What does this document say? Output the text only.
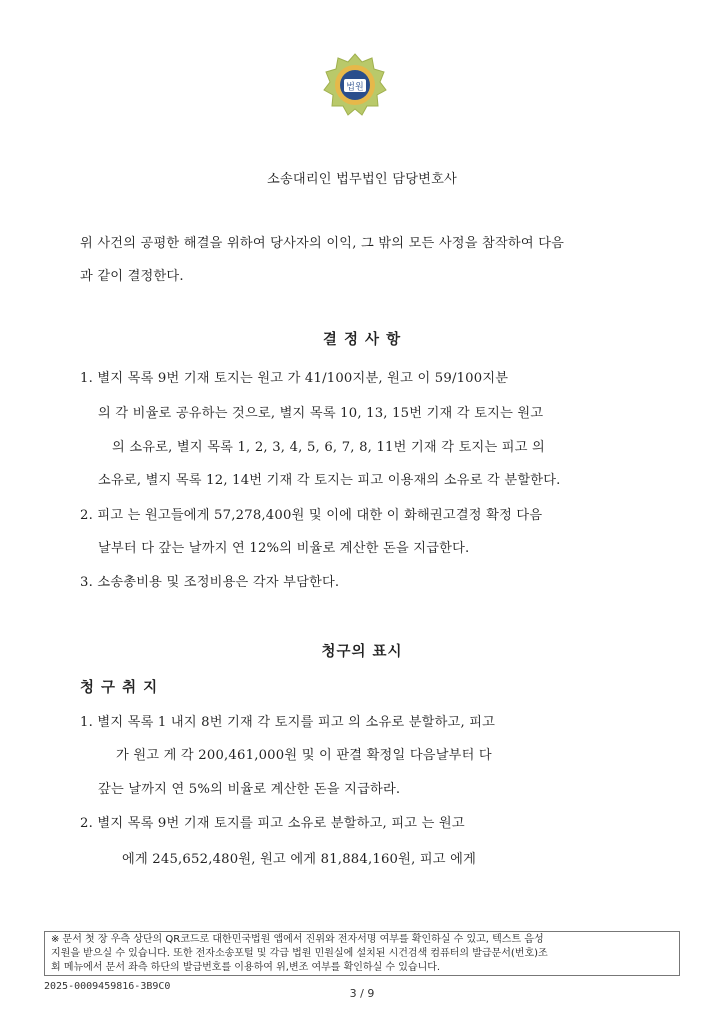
법원
소송대리인 법무법인 담당변호사
위 사건의 공평한 해결을 위하여 당사자의 이익, 그 밖의 모든 사정을 참작하여 다음
과 같이 결정한다.
결 정 사 항
1. 별지 목록 9번 기재 토지는 원고 가 41/100지분, 원고 이 59/100지분
의 각 비율로 공유하는 것으로, 별지 목록 10, 13, 15번 기재 각 토지는 원고
의 소유로, 별지 목록 1, 2, 3, 4, 5, 6, 7, 8, 11번 기재 각 토지는 피고 의
소유로, 별지 목록 12, 14번 기재 각 토지는 피고 이용재의 소유로 각 분할한다.
2. 피고 는 원고들에게 57,278,400원 및 이에 대한 이 화해권고결정 확정 다음
날부터 다 갚는 날까지 연 12%의 비율로 계산한 돈을 지급한다.
3. 소송총비용 및 조정비용은 각자 부담한다.
청구의 표시
청 구 취 지
1. 별지 목록 1 내지 8번 기재 각 토지를 피고 의 소유로 분할하고, 피고
가 원고 게 각 200,461,000원 및 이 판결 확정일 다음날부터 다
갚는 날까지 연 5%의 비율로 계산한 돈을 지급하라.
2. 별지 목록 9번 기재 토지를 피고 소유로 분할하고, 피고 는 원고
에게 245,652,480원, 원고 에게 81,884,160원, 피고 에게
※ 문서 첫 장 우측 상단의 QR코드로 대한민국법원 앱에서 진위와 전자서명 여부를 확인하실 수 있고, 텍스트 음성
지원을 받으실 수 있습니다. 또한 전자소송포털 및 각급 법원 민원실에 설치된 시건검색 컴퓨터의 발급문서(번호)조
회 메뉴에서 문서 좌측 하단의 발급번호를 이용하여 위,변조 여부를 확인하실 수 있습니다.
2025-0009459816-3B9C0
3 / 9
